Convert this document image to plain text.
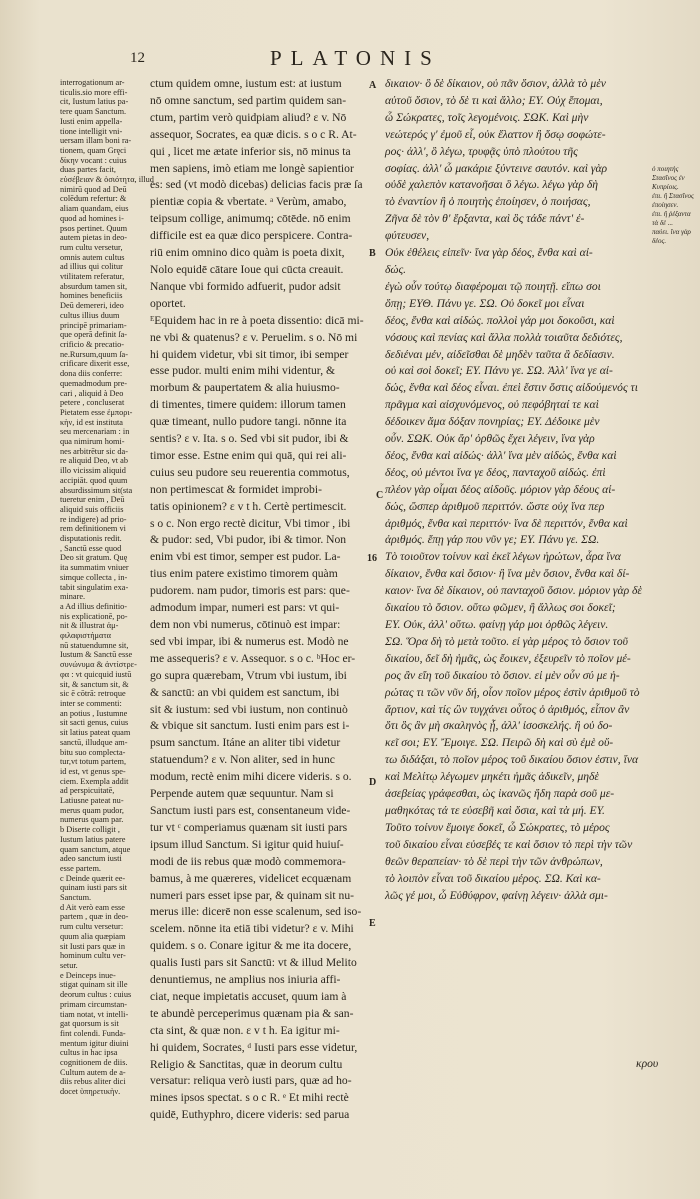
12	PLATONIS
interrogationum ar-
ticulis.sio more effi-
cit, Iustum latius pa-
tere quam Sanctum.
Iusti enim appella-
tione intelligit vni-
uersam illam boni ra-
tionem, quam Gręci
δίκην vocant : cuius
duas partes facit,
εὐσέβειαν & ὁσιότητα, illud
nimirū quod ad Deū
colēdum refertur: &
aliam quandam, eius
quod ad homines i-
psos pertinet. Quum
autem pietas in deo-
rum cultu versetur,
omnis autem cultus
ad illius qui colitur
vtilitatem referatur,
absurdum tamen sit,
homines beneficiis
Deū demereri, ideo
cultus illius duum
principē primariam-
que operā definit ſa-
crificio & precatio-
ne.Rursum,quum ſa-
crificare dixerit esse,
dona diis conferre:
quemadmodum pre-
cari , aliquid à Deo
petere , concluserat
Pietatem esse ἐμπορι-
κὴν, id est instituta
seu mercenariam : in
qua nimirum homi-
nes arbitrētur sic da-
re aliquid Deo, vt ab
illo vicissim aliquid
accipiāt. quod quum
absurdissimum sit(sta
tueretur enim , Deū
aliquid suis officiis
re indigere) ad prio-
rem definitionem vi
disputationis redit.
, Sanctū esse quod
Deo sit gratum. Quę
ita summatim vniuer
simque collecta , in-
tabit singulatim exa-
minare.
a Ad illius definitio-
nis explicationē, po-
nit & illustrat ἀμ-
φιλαφιστήματα
nū statuendumne sit,
Iustum & Sanctū esse
συνώνυμα & ἀντίστρε-
φα : vt quicquid iustū
sit, & sanctum sit, &
sic ē cōtrā: retroque
inter se commenti:
an potius , Iustumne
sit sacti genus, cuius
sit latius pateat quam
sanctū, illudque am-
bitu suo complecta-
tur,vt totum partem,
id est, vt genus spe-
ciem. Exempla addit
ad perspicuitatē,
Latiusne pateat nu-
merus quam pudor,
numerus quam par.
b Diserte colligit ,
Iustum latius patere
quam sanctum, atque
adeo sanctum iusti
esse partem.
c Deinde quærit ee-
quinam iusti pars sit
Sanctum.
d Ait verò eam esse
partem , quæ in deo-
rum cultu versetur:
quum alia quæpiam
sit Iusti pars quæ in
hominum cultu ver-
setur.
e Deinceps inue-
stigat quinam sit ille
deorum cultus : cuius
primam circumstan-
tiam notat, vt intelli-
gat quorsum is sit
fint colendi. Funda-
mentum igitur diuini
cultus in hac ipsa
cognitionem de diis.
Cultum autem de a-
diis rebus aliter dici
docet ὑπηρετικὴν.
ctum quidem omne, iustum est: at iustum
nō omne sanctum, sed partim quidem san-
ctum, partim verò quidpiam aliud? ε v. Nō
assequor, Socrates, ea quæ dicis. s o c R. At-
qui , licet me ætate inferior sis, nō minus ta
men sapiens, imò etiam me longè sapientior
es: sed (vt modò dicebas) delicias facis præ ſa
pientiæ copia & vbertate. ᵃ Verùm, amabo,
teipsum collige, animumq; cōtēde. nō enim
difficile est ea quæ dico perspicere. Contra-
riū enim omnino dico quàm is poeta dixit,
Nolo equidē cātare Ioue qui cūcta creauit.
Nanque vbi formido adfuerit, pudor adsit
oportet.
ᴱEquidem hac in re à poeta dissentio: dicā mi-
ne vbi & quatenus? ε v. Peruelim. s o. Nō mi
hi quidem videtur, vbi sit timor, ibi semper
esse pudor. multi enim mihi videntur, &
morbum & paupertatem & alia huiusmo-
di timentes, timere quidem: illorum tamen
quæ timeant, nullo pudore tangi. nōnne ita
sentis? ε v. Ita. s o. Sed vbi sit pudor, ibi &
timor esse. Estne enim qui quā, qui rei ali-
cuius seu pudore seu reuerentia commotus,
non pertimescat & formidet improbi-
tatis opinionem? ε v t h. Certè pertimescit.
s o c. Non ergo rectè dicitur, Vbi timor , ibi
& pudor: sed, Vbi pudor, ibi & timor. Non
enim vbi est timor, semper est pudor. La-
tius enim patere existimo timorem quàm
pudorem. nam pudor, timoris est pars: que-
admodum impar, numeri est pars: vt qui-
dem non vbi numerus, cōtinuò est impar:
sed vbi impar, ibi & numerus est. Modò ne
me assequeris? ε v. Assequor. s o c. ᵇHoc er-
go supra quærebam, Vtrum vbi iustum, ibi
& sanctū: an vbi quidem est sanctum, ibi
sit & iustum: sed vbi iustum, non continuò
& vbique sit sanctum. Iusti enim pars est i-
psum sanctum. Itáne an aliter tibi videtur
statuendum? ε v. Non aliter, sed in hunc
modum, rectè enim mihi dicere videris. s o.
Perpende autem quæ sequuntur. Nam si
Sanctum iusti pars est, consentaneum vide-
tur vt ᶜ comperiamus quænam sit iusti pars
ipsum illud Sanctum. Si igitur quid huiuſ-
modi de iis rebus quæ modò commemora-
bamus, à me quæreres, videlicet ecquænam
numeri pars esset ipse par, & quinam sit nu-
merus ille: dicerē non esse scalenum, sed iso-
scelem. nōnne ita etiā tibi videtur? ε v. Mihi
quidem. s o. Conare igitur & me ita docere,
qualis Iusti pars sit Sanctū: vt & illud Melito
denuntiemus, ne amplius nos iniuria affi-
ciat, neque impietatis accuset, quum iam à
te abundè perceperimus quænam pia & san-
cta sint, & quæ non. ε v t h. Ea igitur mi-
hi quidem, Socrates, ᵈ Iusti pars esse videtur,
Religio & Sanctitas, quæ in deorum cultu
versatur: reliqua verò iusti pars, quæ ad ho-
mines ipsos spectat. s o c R. ᵉ Et mihi rectè
quidē, Euthyphro, dicere videris: sed parua
δικαιον· ὃ δὲ δίκαιον, οὐ πᾶν ὅσιον, ἀλλὰ τὸ μὲν
αὐτοῦ ὅσιον, τὸ δὲ τι καὶ ἄλλο; ΕΥ. Οὐχ ἕπομαι,
ὦ Σώκρατες, τοῖς λεγομένοις. ΣΩΚ. Καὶ μὴν
νεώτερός γ' ἐμοῦ εἶ, οὐκ ἔλαττον ἢ ὅσῳ σοφώτε-
ρος· ἀλλ', ὃ λέγω, τρυφᾷς ὑπὸ πλούτου τῆς
σοφίας. ἀλλ' ὦ μακάριε ξύντεινε σαυτόν. καὶ γὰρ
οὐδὲ χαλεπὸν κατανοῆσαι ὃ λέγω. λέγω γὰρ δὴ
τὸ ἐναντίον ἢ ὁ ποιητὴς ἐποίησεν, ὁ ποιήσας,
Ζῆνα δὲ τὸν θ' ἕρξαντα, καὶ ὃς τάδε πάντ' ἐ-
φύτευσεν,
Οὐκ ἐθέλεις εἰπεῖν· ἵνα γὰρ δέος, ἔνθα καὶ αἰ-
δώς.
ἐγὼ οὖν τούτῳ διαφέρομαι τῷ ποιητῇ. εἴπω σοι
ὅπῃ; ΕΥΘ. Πάνυ γε. ΣΩ. Οὐ δοκεῖ μοι εἶναι
δέος, ἔνθα καὶ αἰδώς. πολλοὶ γάρ μοι δοκοῦσι, καὶ
νόσους καὶ πενίας καὶ ἄλλα πολλὰ τοιαῦτα δεδιότες,
δεδιέναι μέν, αἰδεῖσθαι δὲ μηδὲν ταῦτα ἃ δεδίασιν.
οὐ καὶ σοὶ δοκεῖ; ΕΥ. Πάνυ γε. ΣΩ. Ἀλλ' ἵνα γε αἰ-
δώς, ἔνθα καὶ δέος εἶναι. ἐπεὶ ἔστιν ὅστις αἰδούμενός τι
πρᾶγμα καὶ αἰσχυνόμενος, οὐ πεφόβηταί τε καὶ
δέδοικεν ἅμα δόξαν πονηρίας; ΕΥ. Δέδοικε μὲν
οὖν. ΣΩΚ. Οὐκ ἄρ' ὀρθῶς ἔχει λέγειν, ἵνα γὰρ
δέος, ἔνθα καὶ αἰδώς· ἀλλ' ἵνα μὲν αἰδώς, ἔνθα καὶ
δέος, οὐ μέντοι ἵνα γε δέος, πανταχοῦ αἰδώς. ἐπὶ
πλέον γὰρ οἶμαι δέος αἰδοῦς. μόριον γὰρ δέους αἰ-
δώς, ὥσπερ ἀριθμοῦ περιττόν. ὥστε οὐχ ἵνα περ
ἀριθμός, ἔνθα καὶ περιττόν· ἵνα δὲ περιττόν, ἔνθα καὶ
ἀριθμός. ἕπῃ γάρ που νῦν γε; ΕΥ. Πάνυ γε. ΣΩ.
Τὸ τοιοῦτον τοίνυν καὶ ἐκεῖ λέγων ἠρώτων, ἆρα ἵνα
δίκαιον, ἔνθα καὶ ὅσιον· ἢ ἵνα μὲν ὅσιον, ἔνθα καὶ δί-
καιον· ἵνα δὲ δίκαιον, οὐ πανταχοῦ ὅσιον. μόριον γὰρ δὲ
δικαίου τὸ ὅσιον. οὕτω φῶμεν, ἢ ἄλλως σοι δοκεῖ;
ΕΥ. Οὐκ, ἀλλ' οὕτω. φαίνῃ γάρ μοι ὀρθῶς λέγειν.
ΣΩ. Ὅρα δὴ τὸ μετὰ τοῦτο. εἰ γὰρ μέρος τὸ ὅσιον τοῦ
δικαίου, δεῖ δὴ ἡμᾶς, ὡς ἔοικεν, ἐξευρεῖν τὸ ποῖον μέ-
ρος ἂν εἴη τοῦ δικαίου τὸ ὅσιον. εἰ μὲν οὖν σύ με ἠ-
ρώτας τι τῶν νῦν δή, οἷον ποῖον μέρος ἐστὶν ἀριθμοῦ τὸ
ἄρτιον, καὶ τίς ὢν τυγχάνει οὗτος ὁ ἀριθμός, εἶπον ἂν
ὅτι ὃς ἂν μὴ σκαληνὸς ᾖ, ἀλλ' ἰσοσκελής. ἢ οὐ δο-
κεῖ σοι; ΕΥ. Ἔμοιγε. ΣΩ. Πειρῶ δὴ καὶ σὺ ἐμὲ οὕ-
τω διδάξαι, τὸ ποῖον μέρος τοῦ δικαίου ὅσιον ἐστιν, ἵνα
καὶ Μελίτῳ λέγωμεν μηκέτι ἡμᾶς ἀδικεῖν, μηδὲ
ἀσεβείας γράφεσθαι, ὡς ἱκανῶς ἤδη παρὰ σοῦ με-
μαθηκότας τά τε εὐσεβῆ καὶ ὅσια, καὶ τὰ μή. ΕΥ.
Τοῦτο τοίνυν ἔμοιγε δοκεῖ, ὦ Σώκρατες, τὸ μέρος
τοῦ δικαίου εἶναι εὐσεβές τε καὶ ὅσιον τὸ περὶ τὴν τῶν
θεῶν θεραπείαν· τὸ δὲ περὶ τὴν τῶν ἀνθρώπων,
τὸ λοιπὸν εἶναι τοῦ δικαίου μέρος. ΣΩ. Καὶ κα-
λῶς γέ μοι, ὦ Εὐθύφρον, φαίνῃ λέγειν· ἀλλὰ σμι-
ὁ ποιητὴς
Στασῖνος ἐν
Κυπρίοις.
ἐπι. ἢ Στασῖνος
ἐποίησεν.
ἐπι. ἢ ῥέξαντα
τὰ δὲ ...
παύει. ἵνα γὰρ
δέος.
A
B
C
D
E
16
κρου
